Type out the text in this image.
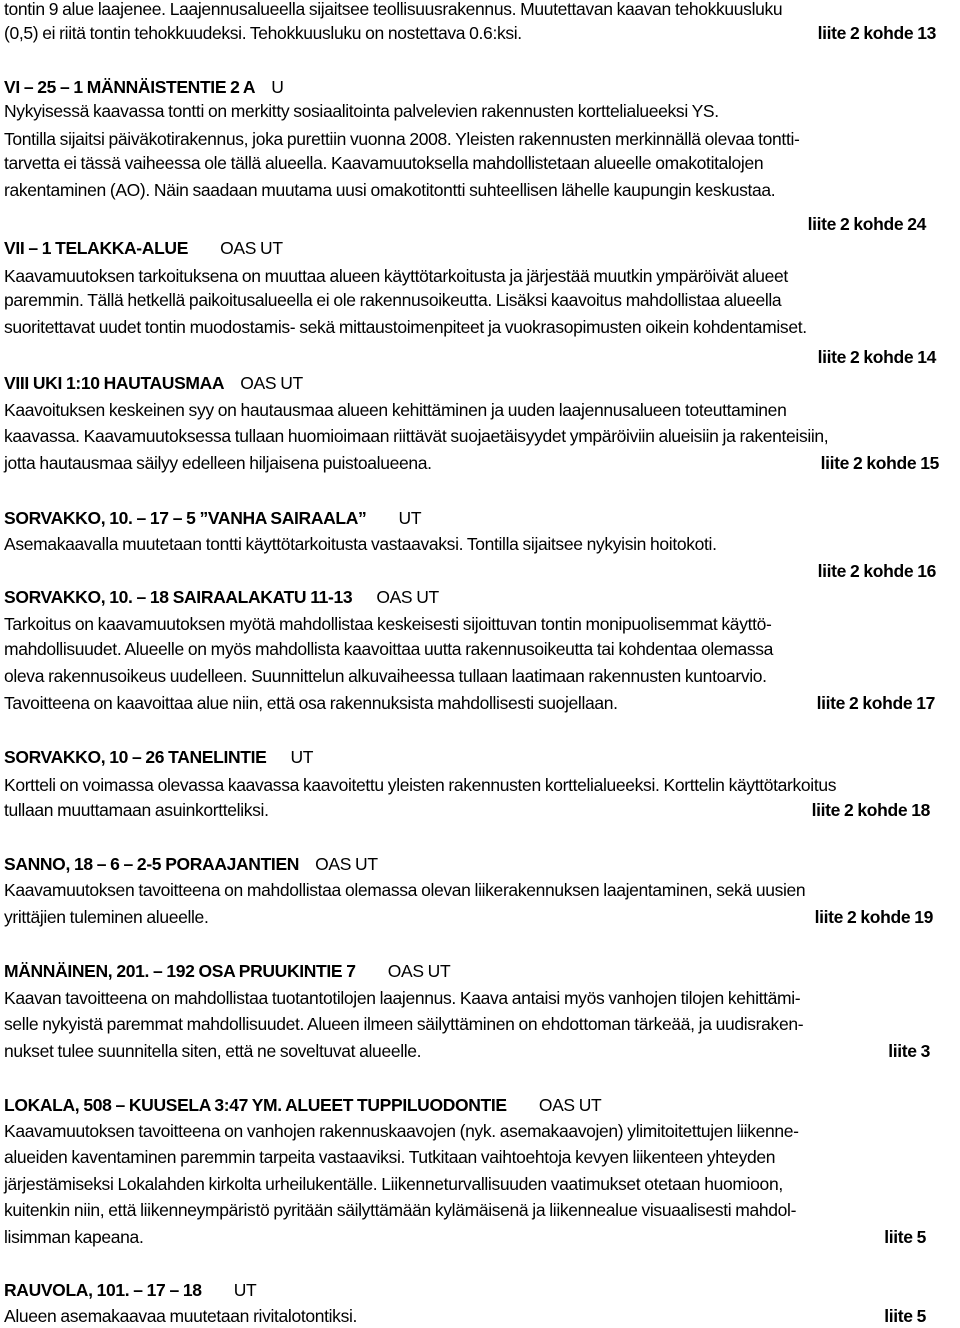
tontin 9 alue laajenee. Laajennusalueella sijaitsee teollisuusrakennus. Muutettavan kaavan tehokkuusluku
(0,5) ei riitä tontin tehokkuudeksi. Tehokkuusluku on nostettava 0.6:ksi.	liite 2 kohde 13
VI – 25 – 1 MÄNNÄISTENTIE 2 A U
Nykyisessä kaavassa tontti on merkitty sosiaalitointa palvelevien rakennusten korttelialueeksi YS.
Tontilla sijaitsi päiväkotirakennus, joka purettiin vuonna 2008. Yleisten rakennusten merkinnällä olevaa tontti-
tarvetta ei tässä vaiheessa ole tällä alueella. Kaavamuutoksella mahdollistetaan alueelle omakotitalojen
rakentaminen (AO). Näin saadaan muutama uusi omakotitontti suhteellisen lähelle kaupungin keskustaa.
liite 2 kohde 24
VII – 1 TELAKKA-ALUE OAS UT
Kaavamuutoksen tarkoituksena on muuttaa alueen käyttötarkoitusta ja järjestää muutkin ympäröivät alueet
paremmin. Tällä hetkellä paikoitusalueella ei ole rakennusoikeutta. Lisäksi kaavoitus mahdollistaa alueella
suoritettavat uudet tontin muodostamis- sekä mittaustoimenpiteet ja vuokrasopimusten oikein kohdentamiset.
liite 2 kohde 14
VIII UKI 1:10 HAUTAUSMAA OAS UT
Kaavoituksen keskeinen syy on hautausmaa alueen kehittäminen ja uuden laajennusalueen toteuttaminen
kaavassa. Kaavamuutoksessa tullaan huomioimaan riittävät suojaetäisyydet ympäröiviin alueisiin ja rakenteisiin,
jotta hautausmaa säilyy edelleen hiljaisena puistoalueena.	liite 2 kohde 15
SORVAKKO, 10. – 17 – 5 ”VANHA SAIRAALA” UT
Asemakaavalla muutetaan tontti käyttötarkoitusta vastaavaksi. Tontilla sijaitsee nykyisin hoitokoti.
liite 2 kohde 16
SORVAKKO, 10. – 18 SAIRAALAKATU 11-13 OAS UT
Tarkoitus on kaavamuutoksen myötä mahdollistaa keskeisesti sijoittuvan tontin monipuolisemmat käyttö-
mahdollisuudet. Alueelle on myös mahdollista kaavoittaa uutta rakennusoikeutta tai kohdentaa olemassa
oleva rakennusoikeus uudelleen. Suunnittelun alkuvaiheessa tullaan laatimaan rakennusten kuntoarvio.
Tavoitteena on kaavoittaa alue niin, että osa rakennuksista mahdollisesti suojellaan.	liite 2 kohde 17
SORVAKKO, 10 – 26 TANELINTIE UT
Kortteli on voimassa olevassa kaavassa kaavoitettu yleisten rakennusten korttelialueeksi. Korttelin käyttötarkoitus
tullaan muuttamaan asuinkortteliksi.	liite 2 kohde 18
SANNO, 18 – 6 – 2-5 PORAAJANTIEN OAS UT
Kaavamuutoksen tavoitteena on mahdollistaa olemassa olevan liikerakennuksen laajentaminen, sekä uusien
yrittäjien tuleminen alueelle.	liite 2 kohde 19
MÄNNÄINEN, 201. – 192 OSA PRUUKINTIE 7 OAS UT
Kaavan tavoitteena on mahdollistaa tuotantotilojen laajennus. Kaava antaisi myös vanhojen tilojen kehittämi-
selle nykyistä paremmat mahdollisuudet. Alueen ilmeen säilyttäminen on ehdottoman tärkeää, ja uudisraken-
nukset tulee suunnitella siten, että ne soveltuvat alueelle.	liite 3
LOKALA, 508 – KUUSELA 3:47 YM. ALUEET TUPPILUODONTIE OAS UT
Kaavamuutoksen tavoitteena on vanhojen rakennuskaavojen (nyk. asemakaavojen) ylimitoitettujen liikenne-
alueiden kaventaminen paremmin tarpeita vastaaviksi. Tutkitaan vaihtoehtoja kevyen liikenteen yhteyden
järjestämiseksi Lokalahden kirkolta urheilukentälle. Liikenneturvallisuuden vaatimukset otetaan huomioon,
kuitenkin niin, että liikenneympäristö pyritään säilyttämään kylämäisenä ja liikennealue visuaalisesti mahdol-
lisimman kapeana.	liite 5
RAUVOLA, 101. – 17 – 18 UT
Alueen asemakaavaa muutetaan rivitalotontiksi.	liite 5
